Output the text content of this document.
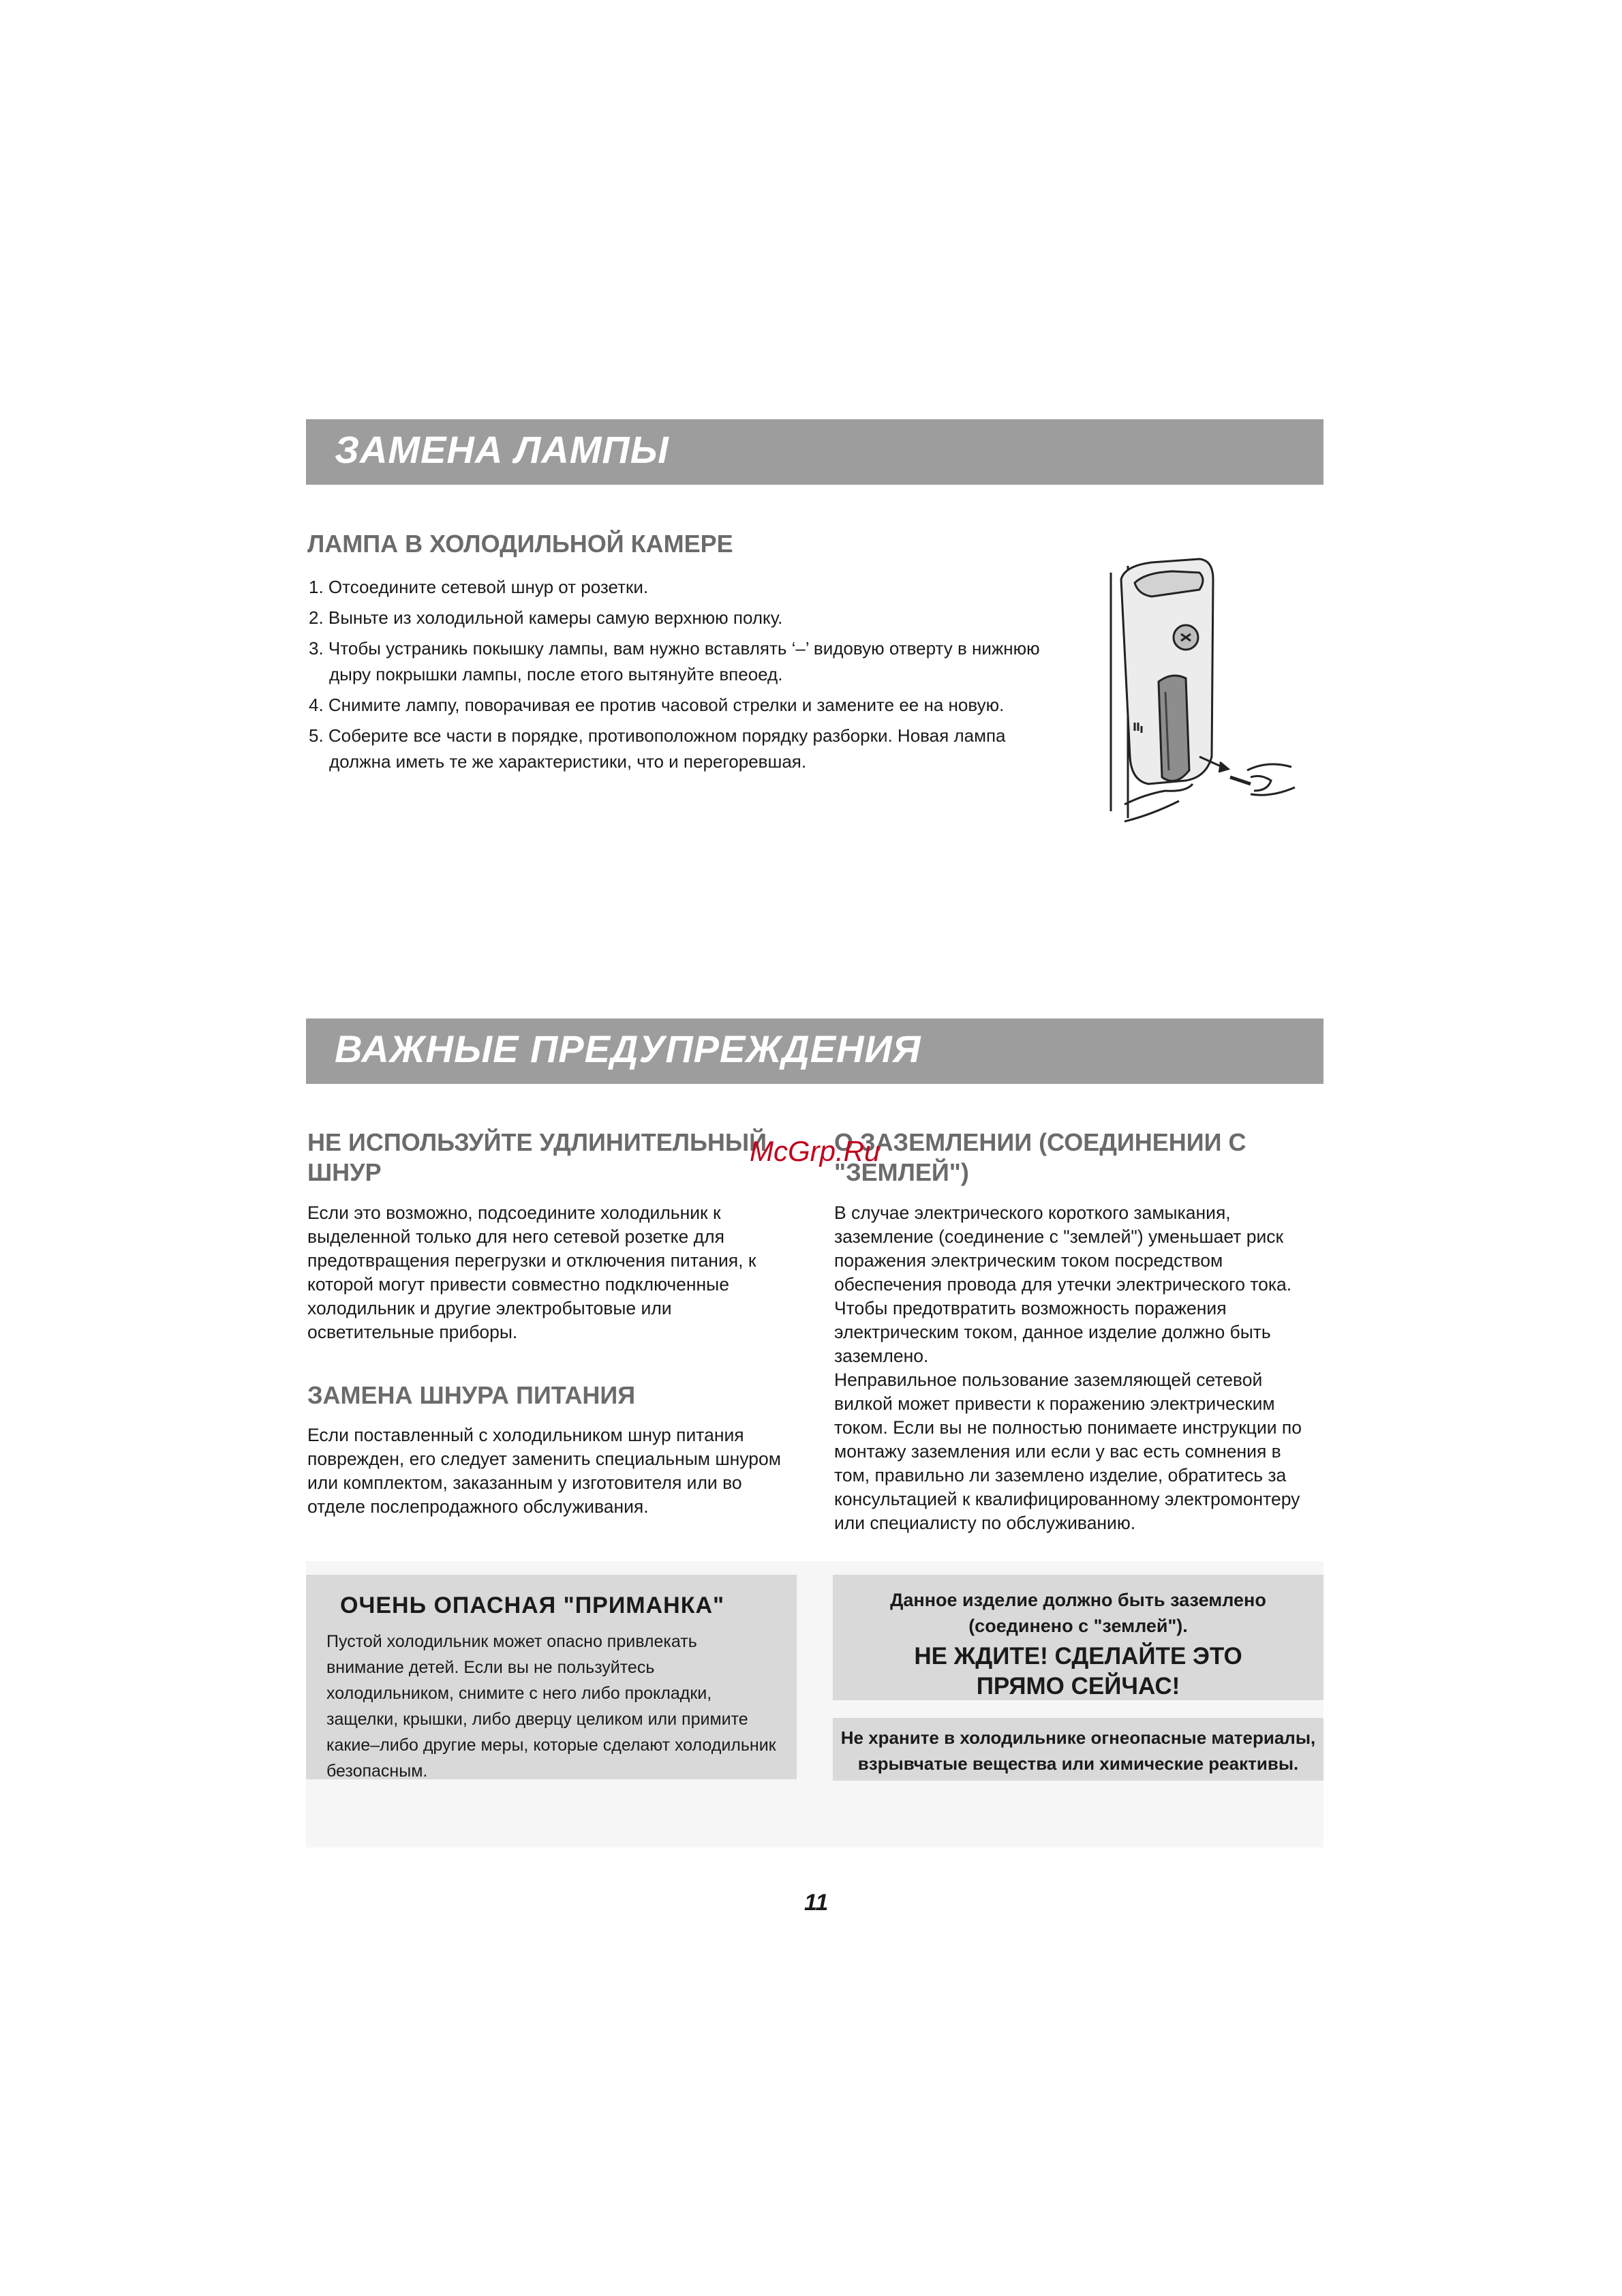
ЗАМЕНА ЛАМПЫ
ЛАМПА В ХОЛОДИЛЬНОЙ КАМЕРЕ
1. Отсоедините сетевой шнур от розетки.
2. Выньте из холодильной камеры самую верхнюю полку.
3. Чтобы устраникь покышку лампы, вам нужно вставлять ‘–’ видовую отверту в нижнюю дыру покрышки лампы, после етого вытянуйте впеоед.
4. Снимите лампу, поворачивая ее против часовой стрелки и замените ее на новую.
5. Соберите все части в порядке, противоположном порядку разборки. Новая лампа должна иметь те же характеристики, что и перегоревшая.
ВАЖНЫЕ ПРЕДУПРЕЖДЕНИЯ
НЕ ИСПОЛЬЗУЙТЕ УДЛИНИТЕЛЬНЫЙ ШНУР

Если это возможно, подсоедините холодильник к выделенной только для него сетевой розетке для предотвращения перегрузки и отключения питания, к которой могут привести совместно подключенные холодильник и другие электробытовые или осветительные приборы.

ЗАМЕНА ШНУРА ПИТАНИЯ

Если поставленный с холодильником шнур питания поврежден, его следует заменить специальным шнуром или комплектом, заказанным у изготовителя или во отделе послепродажного обслуживания.

О ЗАЗЕМЛЕНИИ (СОЕДИНЕНИИ С "ЗЕМЛЕЙ")

В случае электрического короткого замыкания, заземление (соединение с "землей") уменьшает риск поражения электрическим током посредством обеспечения провода для утечки электрического тока.

Чтобы предотвратить возможность поражения электрическим током, данное изделие должно быть заземлено.

Неправильное пользование заземляющей сетевой вилкой может привести к поражению электрическим током. Если вы не полностью понимаете инструкции по монтажу заземления или если у вас есть сомнения в том, правильно ли заземлено изделие, обратитесь за консультацией к квалифицированному электромонтеру или специалисту по обслуживанию.

McGrp.Ru
ОЧЕНЬ ОПАСНАЯ "ПРИМАНКА"
Пустой холодильник может опасно привлекать внимание детей. Если вы не пользуйтесь холодильником, снимите с него либо прокладки, защелки, крышки, либо дверцу целиком или примите какие–либо другие меры, которые сделают холодильник безопасным.
Данное изделие должно быть заземлено
(соединено с "землей").
НЕ ЖДИТЕ! СДЕЛАЙТЕ ЭТО
ПРЯМО СЕЙЧАС!
Не храните в холодильнике огнеопасные материалы,
взрывчатые вещества или химические реактивы.
11
